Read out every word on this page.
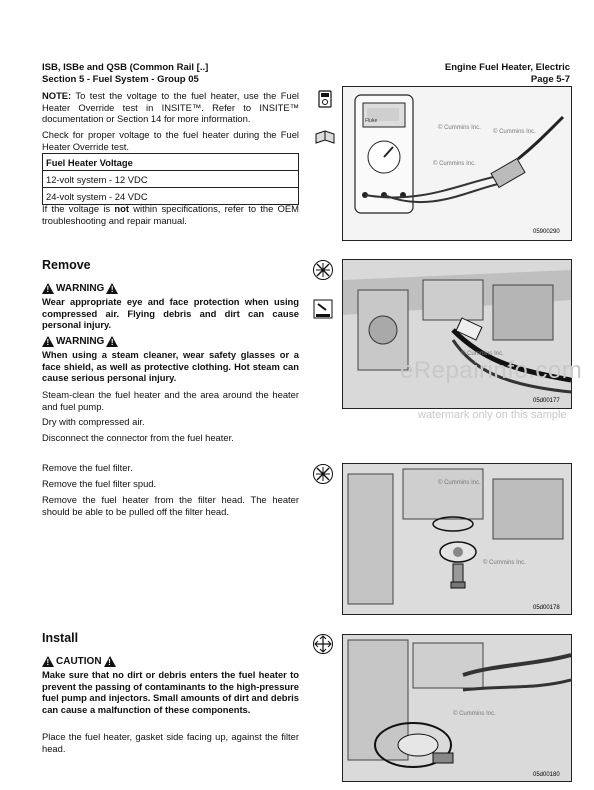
ISB, ISBe and QSB (Common Rail [..]
Section 5 - Fuel System - Group 05
Engine Fuel Heater, Electric
Page 5-7
NOTE: To test the voltage to the fuel heater, use the Fuel Heater Override test in INSITE™. Refer to INSITE™ documentation or Section 14 for more information.
Check for proper voltage to the fuel heater during the Fuel Heater Override test.
Fuel Heater Voltage
12-volt system - 12 VDC
24-volt system - 24 VDC
If the voltage is not within specifications, refer to the OEM troubleshooting and repair manual.
© Cummins Inc.
© Cummins Inc.
© Cummins Inc.
Fluke
05900290
Remove
!
WARNING
!
Wear appropriate eye and face protection when using compressed air. Flying debris and dirt can cause personal injury.
!
WARNING
!
When using a steam cleaner, wear safety glasses or a face shield, as well as protective clothing. Hot steam can cause serious personal injury.
Steam-clean the fuel heater and the area around the heater and fuel pump.
Dry with compressed air.
Disconnect the connector from the fuel heater.
© Cummins Inc.
05d00177
eRepairinfo.com
watermark only on this sample
Remove the fuel filter.
Remove the fuel filter spud.
Remove the fuel heater from the filter head. The heater should be able to be pulled off the filter head.
© Cummins Inc.
© Cummins Inc.
05d00178
Install
!
CAUTION
!
Make sure that no dirt or debris enters the fuel heater to prevent the passing of contaminants to the high-pressure fuel pump and injectors. Small amounts of dirt and debris can cause a malfunction of these components.
Place the fuel heater, gasket side facing up, against the filter head.
© Cummins Inc.
05d00180
